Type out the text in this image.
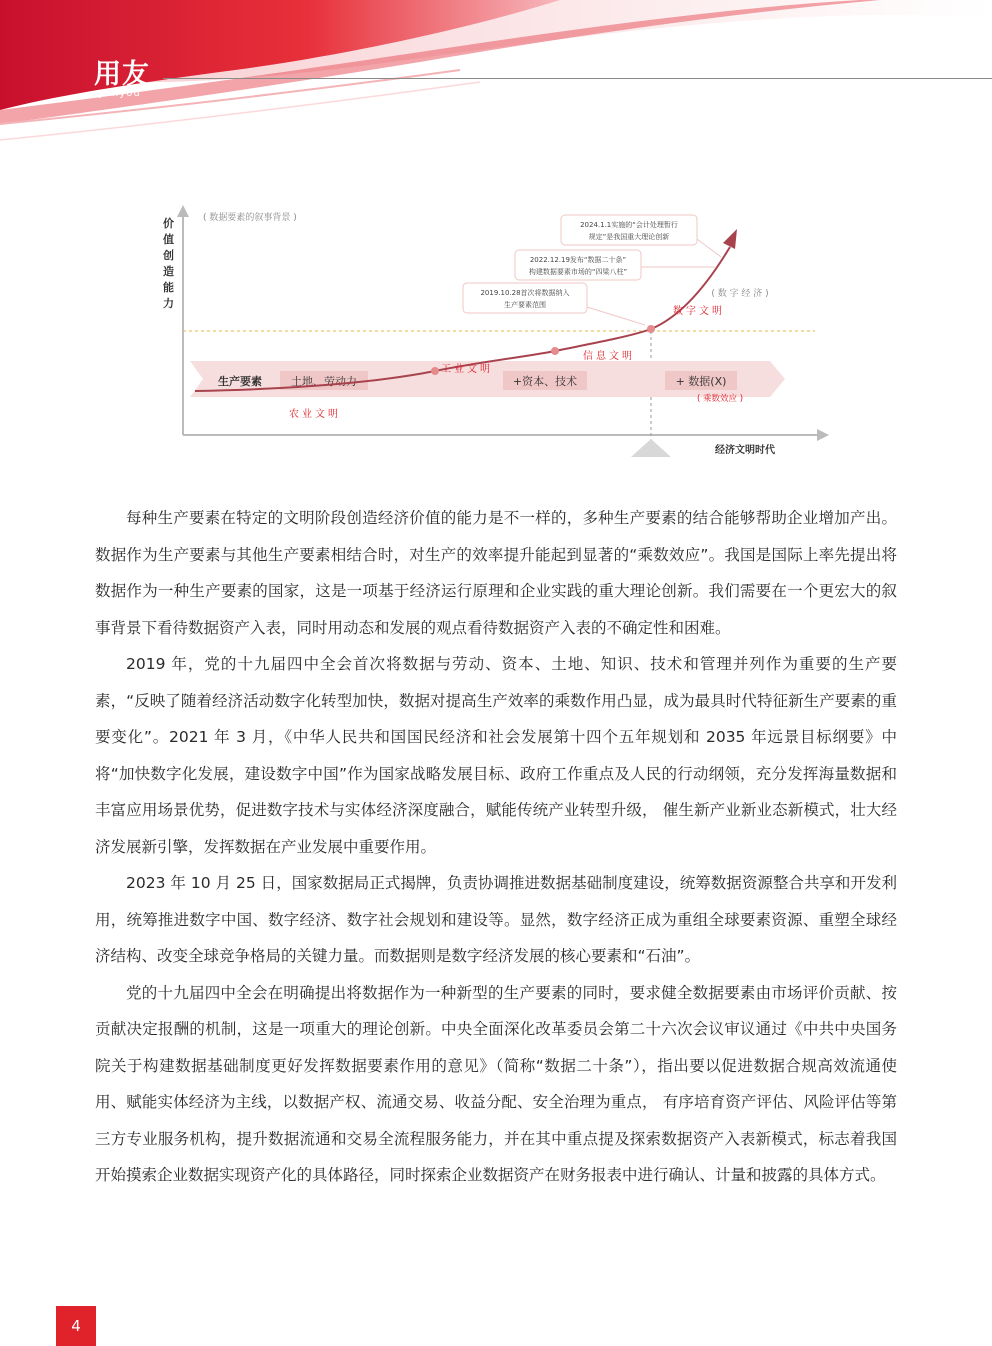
用友
yonyou
价
值
创
造
能
力
( 数据要素的叙事背景 )
生产要素	土地、劳动力	+资本、技术	+ 数据(X)
( 乘数效应 )
农业文明
工业文明
信息文明
数字文明
( 数 字 经 济 )
经济文明时代
2019.10.28首次将数据纳入
生产要素范围
2022.12.19发布“数据二十条”
构建数据要素市场的“四梁八柱”
2024.1.1实施的“会计处理暂行
规定”是我国重大理论创新

每种生产要素在特定的文明阶段创造经济价值的能力是不一样的，多种生产要素的结合能够帮助企业增加产出。数据作为生产要素与其他生产要素相结合时，对生产的效率提升能起到显著的“乘数效应”。我国是国际上率先提出将数据作为一种生产要素的国家，这是一项基于经济运行原理和企业实践的重大理论创新。我们需要在一个更宏大的叙事背景下看待数据资产入表，同时用动态和发展的观点看待数据资产入表的不确定性和困难。

2019 年，党的十九届四中全会首次将数据与劳动、资本、土地、知识、技术和管理并列作为重要的生产要素，“反映了随着经济活动数字化转型加快，数据对提高生产效率的乘数作用凸显，成为最具时代特征新生产要素的重要变化”。2021 年 3 月，《中华人民共和国国民经济和社会发展第十四个五年规划和 2035 年远景目标纲要》中将“加快数字化发展，建设数字中国”作为国家战略发展目标、政府工作重点及人民的行动纲领，充分发挥海量数据和丰富应用场景优势，促进数字技术与实体经济深度融合，赋能传统产业转型升级， 催生新产业新业态新模式，壮大经济发展新引擎，发挥数据在产业发展中重要作用。

2023 年 10 月 25 日，国家数据局正式揭牌，负责协调推进数据基础制度建设，统筹数据资源整合共享和开发利用，统筹推进数字中国、数字经济、数字社会规划和建设等。显然，数字经济正成为重组全球要素资源、重塑全球经济结构、改变全球竞争格局的关键力量。而数据则是数字经济发展的核心要素和“石油”。

党的十九届四中全会在明确提出将数据作为一种新型的生产要素的同时，要求健全数据要素由市场评价贡献、按贡献决定报酬的机制，这是一项重大的理论创新。中央全面深化改革委员会第二十六次会议审议通过《中共中央国务院关于构建数据基础制度更好发挥数据要素作用的意见》（简称“数据二十条”），指出要以促进数据合规高效流通使用、赋能实体经济为主线，以数据产权、流通交易、收益分配、安全治理为重点， 有序培育资产评估、风险评估等第三方专业服务机构，提升数据流通和交易全流程服务能力，并在其中重点提及探索数据资产入表新模式，标志着我国开始摸索企业数据实现资产化的具体路径，同时探索企业数据资产在财务报表中进行确认、计量和披露的具体方式。

4
